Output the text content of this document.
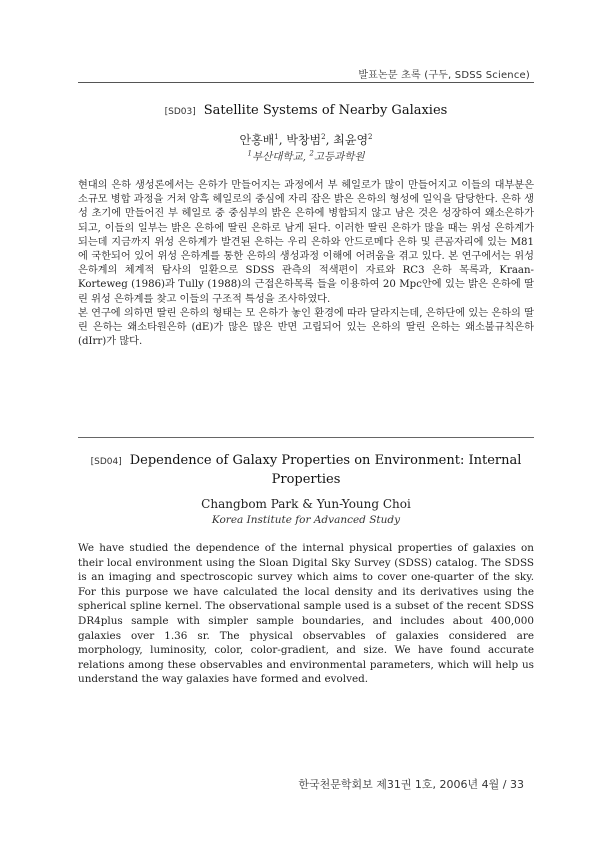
발표논문 초록 (구두, SDSS Science)
[SD03] Satellite Systems of Nearby Galaxies
안홍배$^1$, 박창범$^2$, 최윤영$^2$
$^1$부산대학교, $^2$고등과학원

현대의 은하 생성론에서는 은하가 만들어지는 과정에서 부 헤일로가 많이 만들어지고 이들의 대부분은 소규모 병합 과정을 거쳐 암흑 헤일로의 중심에 자리 잡은 밝은 은하의 형성에 일익을 담당한다. 은하 생성 초기에 만들어진 부 헤일로 중 중심부의 밝은 은하에 병합되지 않고 남은 것은 성장하여 왜소은하가 되고, 이들의 일부는 밝은 은하에 딸린 은하로 남게 된다. 이러한 딸린 은하가 많을 때는 위성 은하계가 되는데 지금까지 위성 은하계가 발견된 은하는 우리 은하와 안드로메다 은하 및 큰곰자리에 있는 M81에 국한되어 있어 위성 은하계를 통한 은하의 생성과정 이해에 어려움을 겪고 있다. 본 연구에서는 위성 은하계의 체계적 탐사의 일환으로 SDSS 관측의 적색편이 자료와 RC3 은하 목록과, Kraan-Korteweg (1986)과 Tully (1988)의 근접은하목록 들을 이용하여 20 Mpc안에 있는 밝은 은하에 딸린 위성 은하계를 찾고 이들의 구조적 특성을 조사하였다.

본 연구에 의하면 딸린 은하의 형태는 모 은하가 놓인 환경에 따라 달라지는데, 은하단에 있는 은하의 딸린 은하는 왜소타원은하 (dE)가 많은 많은 반면 고립되어 있는 은하의 딸린 은하는 왜소불규칙은하 (dIrr)가 많다.

[SD04] Dependence of Galaxy Properties on Environment: Internal
Properties
Changbom Park & Yun-Young Choi
Korea Institute for Advanced Study

We have studied the dependence of the internal physical properties of galaxies on their local environment using the Sloan Digital Sky Survey (SDSS) catalog. The SDSS is an imaging and spectroscopic survey which aims to cover one-quarter of the sky. For this purpose we have calculated the local density and its derivatives using the spherical spline kernel. The observational sample used is a subset of the recent SDSS DR4plus sample with simpler sample boundaries, and includes about 400,000 galaxies over 1.36 sr. The physical observables of galaxies considered are morphology, luminosity, color, color-gradient, and size. We have found accurate relations among these observables and environmental parameters, which will help us understand the way galaxies have formed and evolved.

한국천문학회보 제31권 1호, 2006년 4월 / 33
